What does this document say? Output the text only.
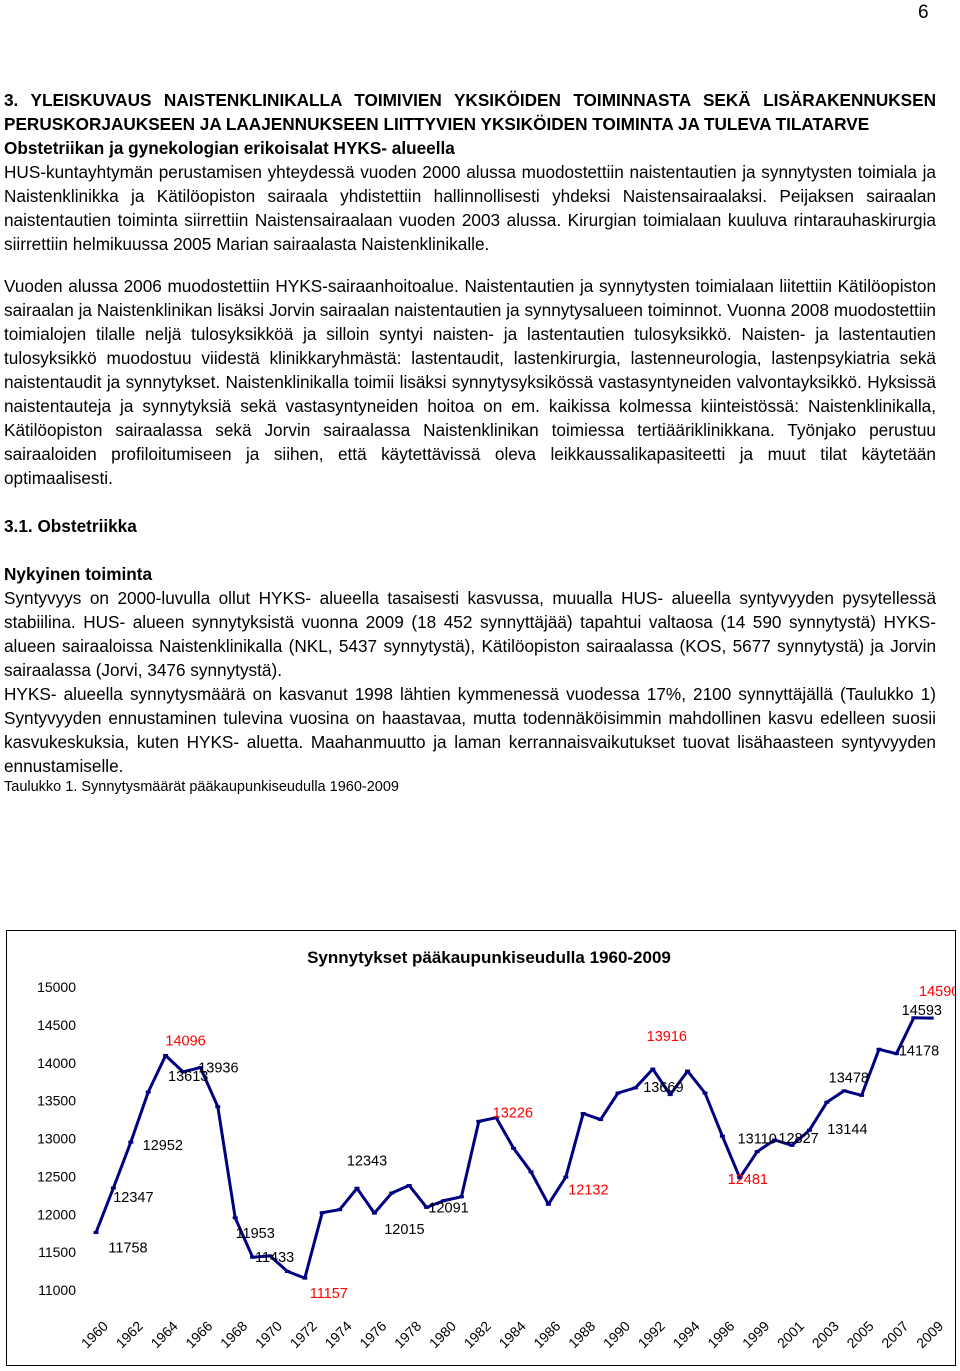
6

3. YLEISKUVAUS NAISTENKLINIKALLA TOIMIVIEN YKSIKÖIDEN TOIMINNASTA SEKÄ LISÄRAKENNUKSEN PERUSKORJAUKSEEN JA LAAJENNUKSEEN LIITTYVIEN YKSIKÖIDEN TOIMINTA JA TULEVA TILATARVE

Obstetriikan ja gynekologian erikoisalat HYKS- alueella

HUS-kuntayhtymän perustamisen yhteydessä vuoden 2000 alussa muodostettiin naistentautien ja synnytysten toimiala ja Naistenklinikka ja Kätilöopiston sairaala yhdistettiin hallinnollisesti yhdeksi Naistensairaalaksi. Peijaksen sairaalan naistentautien toiminta siirrettiin Naistensairaalaan vuoden 2003 alussa. Kirurgian toimialaan kuuluva rintarauhaskirurgia siirrettiin helmikuussa 2005 Marian sairaalasta Naistenklinikalle.

Vuoden alussa 2006 muodostettiin HYKS-sairaanhoitoalue. Naistentautien ja synnytysten toimialaan liitettiin Kätilöopiston sairaalan ja Naistenklinikan lisäksi Jorvin sairaalan naistentautien ja synnytysalueen toiminnot. Vuonna 2008 muodostettiin toimialojen tilalle neljä tulosyksikköä ja silloin syntyi naisten- ja lastentautien tulosyksikkö. Naisten- ja lastentautien tulosyksikkö muodostuu viidestä klinikkaryhmästä: lastentaudit, lastenkirurgia, lastenneurologia, lastenpsykiatria sekä naistentaudit ja synnytykset. Naistenklinikalla toimii lisäksi synnytysyksikössä vastasyntyneiden valvontayksikkö. Hyksissä naistentauteja ja synnytyksiä sekä vastasyntyneiden hoitoa on em. kaikissa kolmessa kiinteistössä: Naistenklinikalla, Kätilöopiston sairaalassa sekä Jorvin sairaalassa Naistenklinikan toimiessa tertiääriklinikkana. Työnjako perustuu sairaaloiden profiloitumiseen ja siihen, että käytettävissä oleva leikkaussalikapasiteetti ja muut tilat käytetään optimaalisesti.

3.1. Obstetriikka

Nykyinen toiminta

Syntyvyys on 2000-luvulla ollut HYKS- alueella tasaisesti kasvussa, muualla HUS- alueella syntyvyyden pysytellessä stabiilina. HUS- alueen synnytyksistä vuonna 2009 (18 452 synnyttäjää) tapahtui valtaosa (14 590 synnytystä) HYKS- alueen sairaaloissa Naistenklinikalla (NKL, 5437 synnytystä), Kätilöopiston sairaalassa (KOS, 5677 synnytystä) ja Jorvin sairaalassa (Jorvi, 3476 synnytystä).

HYKS- alueella synnytysmäärä on kasvanut 1998 lähtien kymmenessä vuodessa 17%, 2100 synnyttäjällä (Taulukko 1) Syntyvyyden ennustaminen tulevina vuosina on haastavaa, mutta todennäköisimmin mahdollinen kasvu edelleen suosii kasvukeskuksia, kuten HYKS- aluetta. Maahanmuutto ja laman kerrannaisvaikutukset tuovat lisähaasteen syntyvyyden ennustamiselle.

Taulukko 1. Synnytysmäärät pääkaupunkiseudulla 1960-2009

Synnytykset pääkaupunkiseudulla 1960-2009
11000
11500
12000
12500
13000
13500
14000
14500
15000
1960 1962 1964 1966 1968 1970 1972 1974 1976 1978 1980 1982 1984 1986 1988 1990 1992 1994 1996 1999 2001 2003 2005 2007 2009
11758
12347
12952
13613
14096
13936
11953
11433
11157
12343
12015
12091
13226
12132
13669
13916
12481
13110 12827
13144
13478
14178
14593
14590
